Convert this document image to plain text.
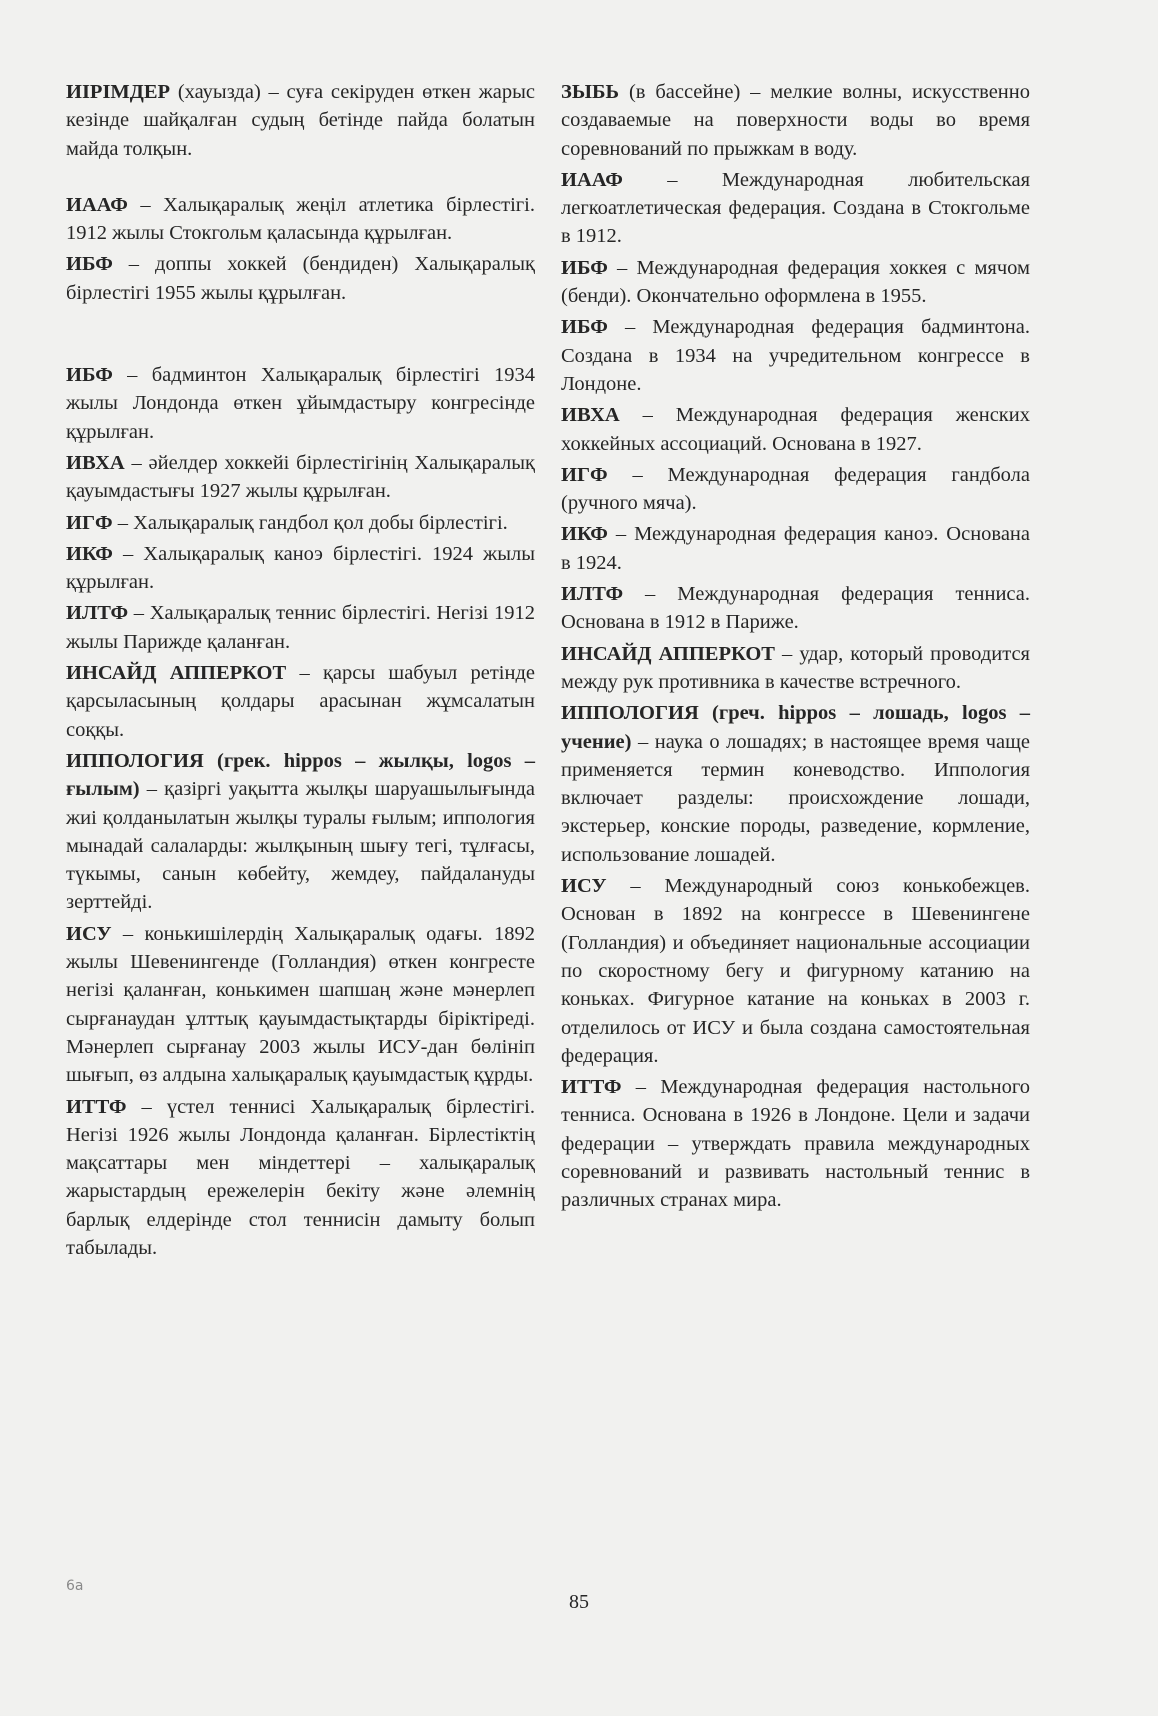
ИІРІМДЕР (хауызда) – суға секіруден өткен жарыс кезінде шайқалған судың бетінде пайда болатын майда толқын.

ИААФ – Халықаралық жеңіл атлетика бірлестігі. 1912 жылы Стокгольм қаласында құрылған.

ИБФ – доппы хоккей (бендиден) Халықаралық бірлестігі 1955 жылы құрылған.

ИБФ – бадминтон Халықаралық бірлестігі 1934 жылы Лондонда өткен ұйымдастыру конгресінде құрылған.

ИВХА – әйелдер хоккейі бірлестігінің Халықаралық қауымдастығы 1927 жылы құрылған.

ИГФ – Халықаралық гандбол қол добы бірлестігі.

ИКФ – Халықаралық каноэ бірлестігі. 1924 жылы құрылған.

ИЛТФ – Халықаралық теннис бірлестігі. Негізі 1912 жылы Парижде қаланған.

ИНСАЙД АППЕРКОТ – қарсы шабуыл ретінде қарсыласының қолдары арасынан жұмсалатын соққы.

ИППОЛОГИЯ (грек. hippos – жылқы, logos – ғылым) – қазіргі уақытта жылқы шаруашылығында жиі қолданылатын жылқы туралы ғылым; иппология мынадай салаларды: жылқының шығу тегі, тұлғасы, түкымы, санын көбейту, жемдеу, пайдалануды зерттейді.

ИСУ – конькишілердің Халықаралық одағы. 1892 жылы Шевенингенде (Голландия) өткен конгресте негізі қаланған, конькимен шапшаң және мәнерлеп сырғанаудан ұлттық қауымдастықтарды біріктіреді. Мәнерлеп сырғанау 2003 жылы ИСУ-дан бөлініп шығып, өз алдына халықаралық қауымдастық құрды.

ИТТФ – үстел теннисі Халықаралық бірлестігі. Негізі 1926 жылы Лондонда қаланған. Бірлестіктің мақсаттары мен міндеттері – халықаралық жарыстардың ережелерін бекіту және әлемнің барлық елдерінде стол теннисін дамыту болып табылады.

ЗЫБЬ (в бассейне) – мелкие волны, искусственно создаваемые на поверхности воды во время соревнований по прыжкам в воду.

ИААФ – Международная любительская легкоатлетическая федерация. Создана в Стокгольме в 1912.

ИБФ – Международная федерация хоккея с мячом (бенди). Окончательно оформлена в 1955.

ИБФ – Международная федерация бадминтона. Создана в 1934 на учредительном конгрессе в Лондоне.

ИВХА – Международная федерация женских хоккейных ассоциаций. Основана в 1927.

ИГФ – Международная федерация гандбола (ручного мяча).

ИКФ – Международная федерация каноэ. Основана в 1924.

ИЛТФ – Международная федерация тенниса. Основана в 1912 в Париже.

ИНСАЙД АППЕРКОТ – удар, который проводится между рук противника в качестве встречного.

ИППОЛОГИЯ (греч. hippos – лошадь, logos – учение) – наука о лошадях; в настоящее время чаще применяется термин коневодство. Иппология включает разделы: происхождение лошади, экстерьер, конские породы, разведение, кормление, использование лошадей.

ИСУ – Международный союз конькобежцев. Основан в 1892 на конгрессе в Шевенингене (Голландия) и объединяет национальные ассоциации по скоростному бегу и фигурному катанию на коньках. Фигурное катание на коньках в 2003 г. отделилось от ИСУ и была создана самостоятельная федерация.

ИТТФ – Международная федерация настольного тенниса. Основана в 1926 в Лондоне. Цели и задачи федерации – утверждать правила международных соревнований и развивать настольный теннис в различных странах мира.

6a
85
